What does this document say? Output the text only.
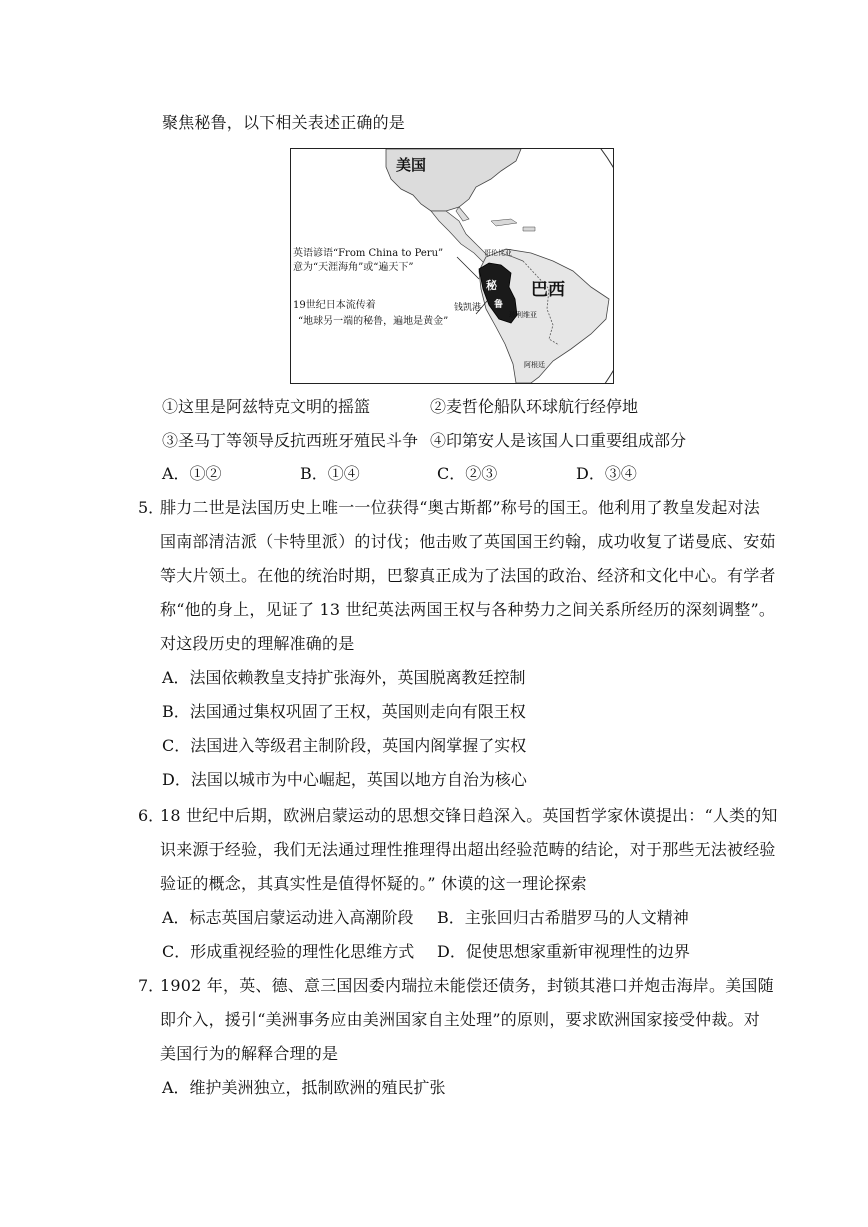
聚焦秘鲁，以下相关表述正确的是
美国
巴西
秘
鲁
哥伦比亚
钱凯港
玻利维亚
阿根廷
英语谚语“From China to Peru”
意为“天涯海角”或“遍天下”
19世纪日本流传着
“地球另一端的秘鲁，遍地是黄金”
①这里是阿兹特克文明的摇篮	②麦哲伦船队环球航行经停地
③圣马丁等领导反抗西班牙殖民斗争 ④印第安人是该国人口重要组成部分
A．①②	B．①④	C．②③	D．③④
5．
腓力二世是法国历史上唯一一位获得“奥古斯都”称号的国王。他利用了教皇发起对法
国南部清洁派（卡特里派）的讨伐；他击败了英国国王约翰，成功收复了诺曼底、安茹
等大片领土。在他的统治时期，巴黎真正成为了法国的政治、经济和文化中心。有学者
称“他的身上，见证了 13 世纪英法两国王权与各种势力之间关系所经历的深刻调整”。
对这段历史的理解准确的是
A．法国依赖教皇支持扩张海外，英国脱离教廷控制
B．法国通过集权巩固了王权，英国则走向有限王权
C．法国进入等级君主制阶段，英国内阁掌握了实权
D．法国以城市为中心崛起，英国以地方自治为核心
6．
18 世纪中后期，欧洲启蒙运动的思想交锋日趋深入。英国哲学家休谟提出：“人类的知
识来源于经验，我们无法通过理性推理得出超出经验范畴的结论，对于那些无法被经验
验证的概念，其真实性是值得怀疑的。” 休谟的这一理论探索
A．标志英国启蒙运动进入高潮阶段 B．主张回归古希腊罗马的人文精神
C．形成重视经验的理性化思维方式 D．促使思想家重新审视理性的边界
7．
1902 年，英、德、意三国因委内瑞拉未能偿还债务，封锁其港口并炮击海岸。美国随
即介入，援引“美洲事务应由美洲国家自主处理”的原则，要求欧洲国家接受仲裁。对
美国行为的解释合理的是
A．维护美洲独立，抵制欧洲的殖民扩张
